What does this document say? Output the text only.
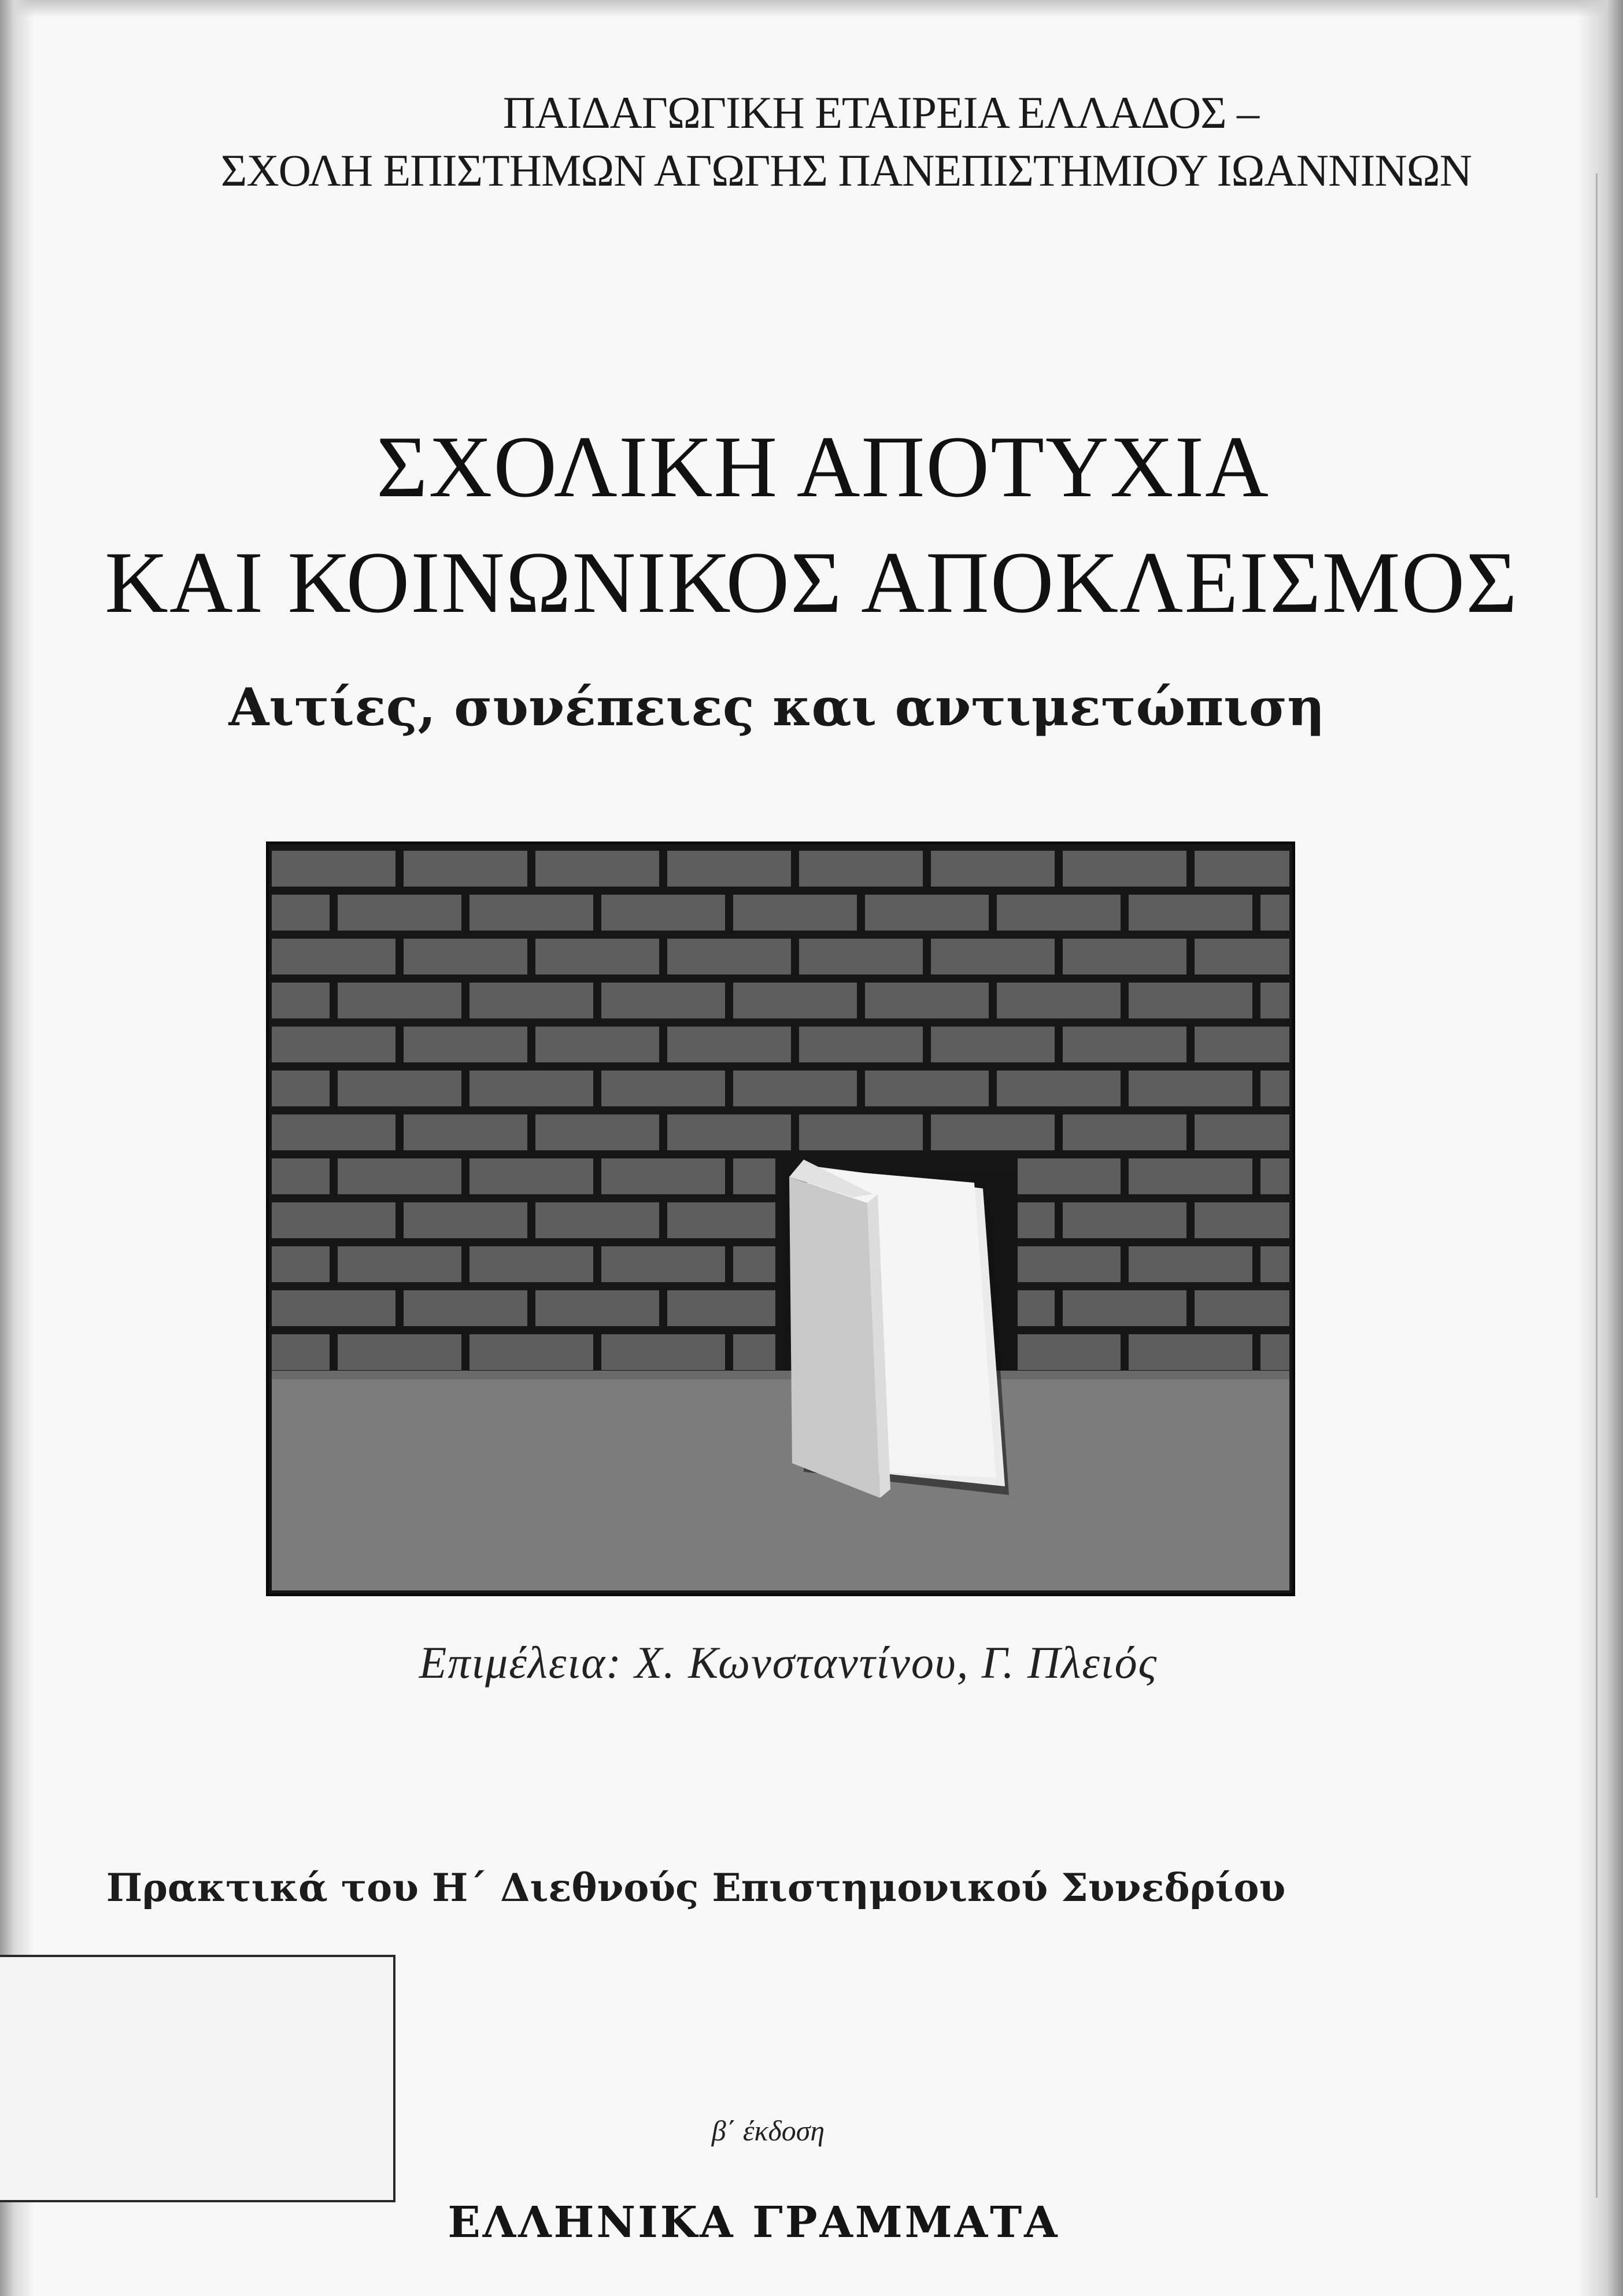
ΠΑΙΔΑΓΩΓΙΚΗ ΕΤΑΙΡΕΙΑ ΕΛΛΑΔΟΣ –
ΣΧΟΛΗ ΕΠΙΣΤΗΜΩΝ ΑΓΩΓΗΣ ΠΑΝΕΠΙΣΤΗΜΙΟΥ ΙΩΑΝΝΙΝΩΝ
ΣΧΟΛΙΚΗ ΑΠΟΤΥΧΙΑ
ΚΑΙ ΚΟΙΝΩΝΙΚΟΣ ΑΠΟΚΛΕΙΣΜΟΣ
Αιτίες, συνέπειες και αντιμετώπιση
Επιμέλεια: Χ. Κωνσταντίνου, Γ. Πλειός
Πρακτικά του Η΄ Διεθνούς Επιστημονικού Συνεδρίου
β΄ έκδοση
ΕΛΛΗΝΙΚΑ ΓΡΑΜΜΑΤΑ
